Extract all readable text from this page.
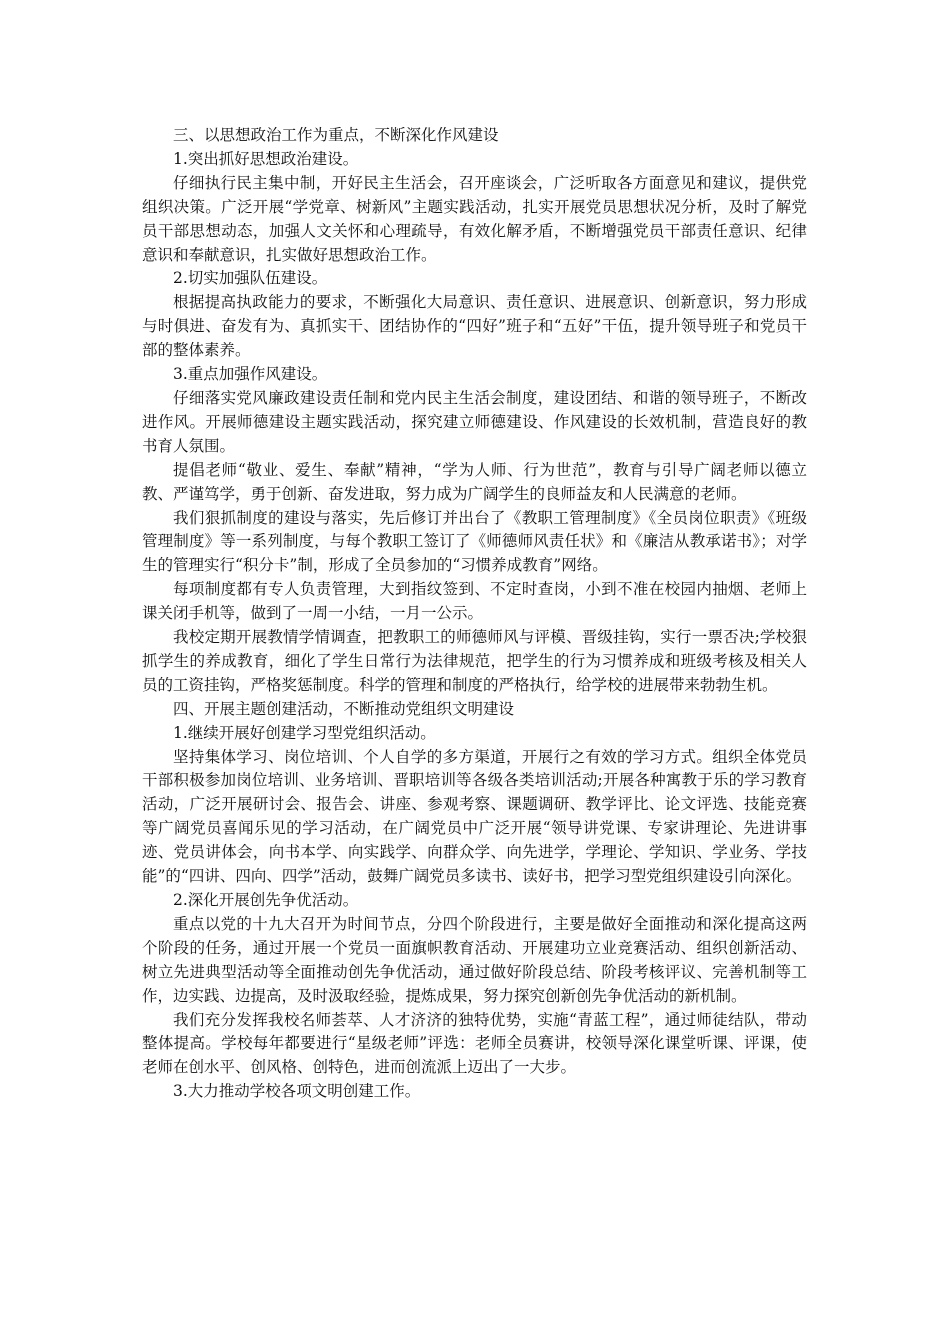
三、以思想政治工作为重点，不断深化作风建设

1.突出抓好思想政治建设。

仔细执行民主集中制，开好民主生活会，召开座谈会，广泛听取各方面意见和建议，提供党组织决策。广泛开展“学党章、树新风”主题实践活动，扎实开展党员思想状况分析，及时了解党员干部思想动态，加强人文关怀和心理疏导，有效化解矛盾，不断增强党员干部责任意识、纪律意识和奉献意识，扎实做好思想政治工作。

2.切实加强队伍建设。

根据提高执政能力的要求，不断强化大局意识、责任意识、进展意识、创新意识，努力形成与时俱进、奋发有为、真抓实干、团结协作的“四好”班子和“五好”干伍，提升领导班子和党员干部的整体素养。

3.重点加强作风建设。

仔细落实党风廉政建设责任制和党内民主生活会制度，建设团结、和谐的领导班子，不断改进作风。开展师德建设主题实践活动，探究建立师德建设、作风建设的长效机制，营造良好的教书育人氛围。

提倡老师“敬业、爱生、奉献”精神，“学为人师、行为世范”，教育与引导广阔老师以德立教、严谨笃学，勇于创新、奋发进取，努力成为广阔学生的良师益友和人民满意的老师。

我们狠抓制度的建设与落实，先后修订并出台了《教职工管理制度》《全员岗位职责》《班级管理制度》等一系列制度，与每个教职工签订了《师德师风责任状》和《廉洁从教承诺书》；对学生的管理实行“积分卡”制，形成了全员参加的“习惯养成教育”网络。

每项制度都有专人负责管理，大到指纹签到、不定时查岗，小到不准在校园内抽烟、老师上课关闭手机等，做到了一周一小结，一月一公示。

我校定期开展教情学情调查，把教职工的师德师风与评模、晋级挂钩，实行一票否决;学校狠抓学生的养成教育，细化了学生日常行为法律规范，把学生的行为习惯养成和班级考核及相关人员的工资挂钩，严格奖惩制度。科学的管理和制度的严格执行，给学校的进展带来勃勃生机。

四、开展主题创建活动，不断推动党组织文明建设

1.继续开展好创建学习型党组织活动。

坚持集体学习、岗位培训、个人自学的多方渠道，开展行之有效的学习方式。组织全体党员干部积极参加岗位培训、业务培训、晋职培训等各级各类培训活动;开展各种寓教于乐的学习教育活动，广泛开展研讨会、报告会、讲座、参观考察、课题调研、教学评比、论文评选、技能竞赛等广阔党员喜闻乐见的学习活动，在广阔党员中广泛开展“领导讲党课、专家讲理论、先进讲事迹、党员讲体会，向书本学、向实践学、向群众学、向先进学，学理论、学知识、学业务、学技能”的“四讲、四向、四学”活动，鼓舞广阔党员多读书、读好书，把学习型党组织建设引向深化。

2.深化开展创先争优活动。

重点以党的十九大召开为时间节点，分四个阶段进行，主要是做好全面推动和深化提高这两个阶段的任务，通过开展一个党员一面旗帜教育活动、开展建功立业竞赛活动、组织创新活动、树立先进典型活动等全面推动创先争优活动，通过做好阶段总结、阶段考核评议、完善机制等工作，边实践、边提高，及时汲取经验，提炼成果，努力探究创新创先争优活动的新机制。

我们充分发挥我校名师荟萃、人才济济的独特优势，实施“青蓝工程”，通过师徒结队，带动整体提高。学校每年都要进行“星级老师”评选：老师全员赛讲，校领导深化课堂听课、评课，使老师在创水平、创风格、创特色，进而创流派上迈出了一大步。

3.大力推动学校各项文明创建工作。
